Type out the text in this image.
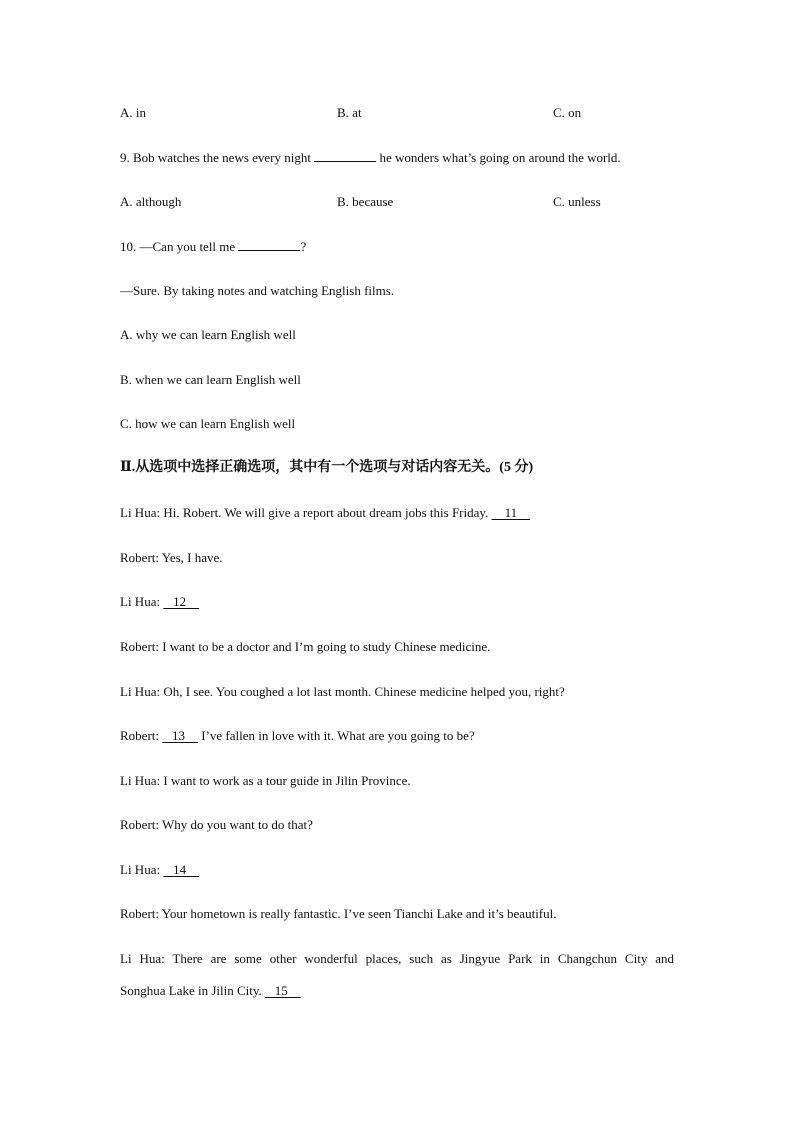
A. in	B. at	C. on
9. Bob watches the news every night	he wonders what’s going on around the world.
A. although	B. because	C. unless
10. —Can you tell me	?
—Sure. By taking notes and watching English films.
A. why we can learn English well
B. when we can learn English well
C. how we can learn English well
Ⅱ.从选项中选择正确选项，其中有一个选项与对话内容无关。(5 分)
Li Hua: Hi. Robert. We will give a report about dream jobs this Friday.     11
Robert: Yes, I have.
Li Hua:    12
Robert: I want to be a doctor and I’m going to study Chinese medicine.
Li Hua: Oh, I see. You coughed a lot last month. Chinese medicine helped you, right?
Robert:    13     I’ve fallen in love with it. What are you going to be?
Li Hua: I want to work as a tour guide in Jilin Province.
Robert: Why do you want to do that?
Li Hua:    14
Robert: Your hometown is really fantastic. I’ve seen Tianchi Lake and it’s beautiful.
Li Hua: There are some other wonderful places, such as Jingyue Park in Changchun City and
Songhua Lake in Jilin City.    15
